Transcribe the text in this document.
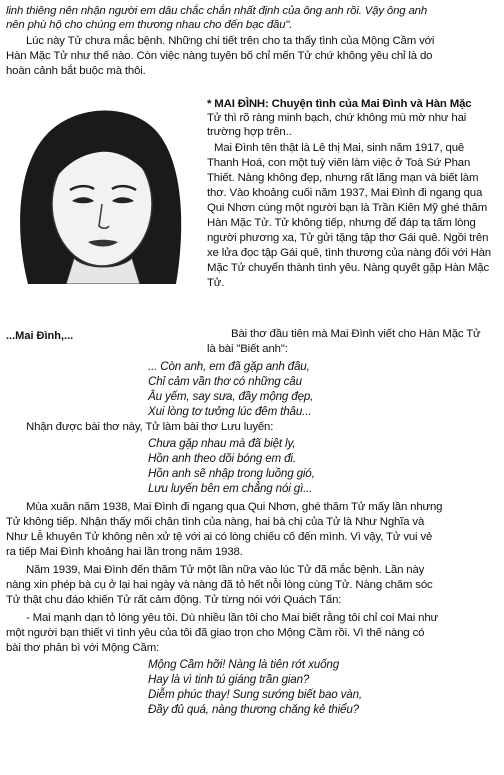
linh thiêng nên nhận người em dâu chắc chắn nhất định của ông anh rồi. Vậy ông anh
nên phù hộ cho chúng em thương nhau cho đến bạc đầu".
Lúc này Tử chưa mắc bệnh. Những chi tiết trên cho ta thấy tình của Mộng Cầm với
Hàn Mặc Tử như thế nào. Còn việc nàng tuyên bố chỉ mến Tử chứ không yêu chỉ là do
hoàn cảnh bắt buộc mà thôi.
* MAI ĐÌNH: Chuyện tình của Mai Đình và Hàn Mặc
Tử thì rõ ràng minh bạch, chứ không mù mờ như hai
trường hợp trên..
Mai Đình tên thật là Lê thị Mai, sinh năm 1917, quê
Thanh Hoá, con một tuỳ viên làm việc ở Toà Sứ Phan
Thiết. Nàng không đẹp, nhưng rất lãng mạn và biết làm
thơ. Vào khoảng cuối năm 1937, Mai Đình đi ngang qua
Qui Nhơn cùng một người bạn là Trần Kiên Mỹ ghé thăm
Hàn Mặc Tử. Tử không tiếp, nhưng để đáp tạ tấm lòng
người phương xa, Tử gửi tặng tập thơ Gái quê. Ngồi trên
xe lửa đọc tập Gái quê, tình thương của nàng đối với Hàn
Mặc Tử chuyển thành tình yêu. Nàng quyết gặp Hàn Mặc
Tử.
...Mai Đình,...	Bài thơ đầu tiên mà Mai Đình viết cho Hàn Mặc Tử
là bài "Biết anh":
... Còn anh, em đã gặp anh đâu,
Chỉ cảm vần thơ có những câu
Âu yếm, say sưa, đầy mộng đẹp,
Xui lòng tơ tưởng lúc đêm thâu...
Nhận được bài thơ này, Tử làm bài thơ Lưu luyến:
Chưa gặp nhau mà đã biệt ly,
Hồn anh theo dõi bóng em đi.
Hồn anh sẽ nhập trong luồng gió,
Lưu luyến bên em chẳng nói gì...
Mùa xuân năm 1938, Mai Đình đi ngang qua Qui Nhơn, ghé thăm Tử mấy lần nhưng
Tử không tiếp. Nhận thấy mối chân tình của nàng, hai bà chị của Tử là Như Nghĩa và
Như Lễ khuyên Tử không nên xử tệ với ai có lòng chiếu cố đến mình. Vì vậy, Tử vui vẻ
ra tiếp Mai Đình khoảng hai lần trong năm 1938.
Năm 1939, Mai Đình đến thăm Tử một lần nữa vào lúc Tử đã mắc bệnh. Lần này
nàng xin phép bà cụ ở lại hai ngày và nàng đã tỏ hết nỗi lòng cùng Tử. Nàng chăm sóc
Tử thật chu đáo khiến Tử rất cảm động. Tử từng nói với Quách Tấn:
- Mai mạnh dạn tỏ lòng yêu tôi. Dù nhiều lần tôi cho Mai biết rằng tôi chỉ coi Mai như
một người bạn thiết vì tình yêu của tôi đã giao trọn cho Mộng Cầm rồi. Vì thế nàng có
bài thơ phản bì với Mộng Cầm:
Mộng Cầm hỡi! Nàng là tiên rớt xuống
Hay là vì tinh tú giáng trần gian?
Diễm phúc thay! Sung sướng biết bao vàn,
Đầy đủ quá, nàng thương chăng kẻ thiểu?
